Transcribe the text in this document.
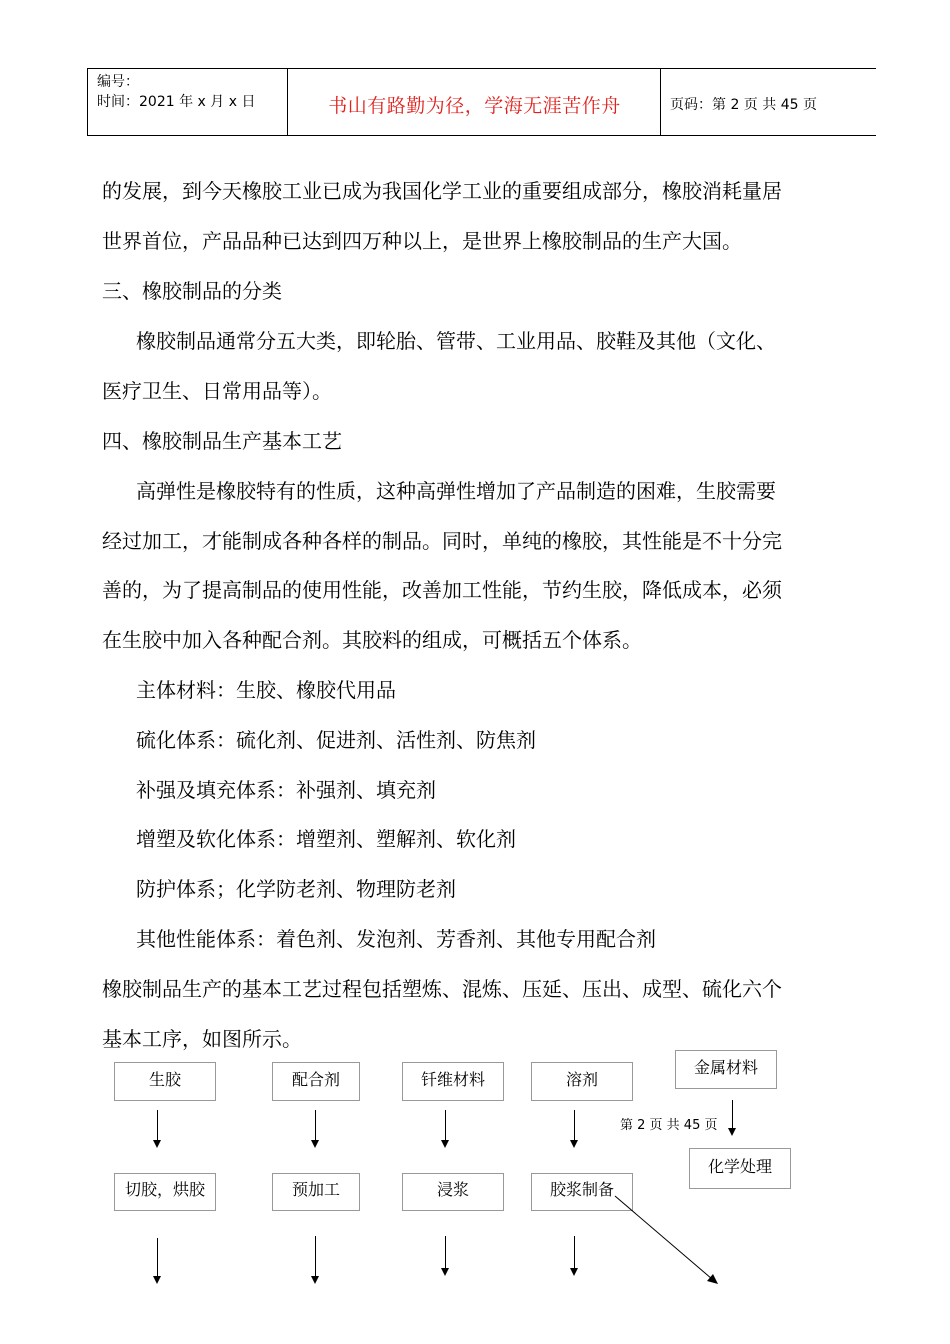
编号：
时间：2021 年 x 月 x 日	书山有路勤为径，学海无涯苦作舟	页码：第 2 页 共 45 页
的发展，到今天橡胶工业已成为我国化学工业的重要组成部分，橡胶消耗量居
世界首位，产品品种已达到四万种以上，是世界上橡胶制品的生产大国。
三、橡胶制品的分类
橡胶制品通常分五大类，即轮胎、管带、工业用品、胶鞋及其他（文化、
医疗卫生、日常用品等）。
四、橡胶制品生产基本工艺
高弹性是橡胶特有的性质，这种高弹性增加了产品制造的困难，生胶需要
经过加工，才能制成各种各样的制品。同时，单纯的橡胶，其性能是不十分完
善的，为了提高制品的使用性能，改善加工性能，节约生胶，降低成本，必须
在生胶中加入各种配合剂。其胶料的组成，可概括五个体系。
主体材料：生胶、橡胶代用品
硫化体系：硫化剂、促进剂、活性剂、防焦剂
补强及填充体系：补强剂、填充剂
增塑及软化体系：增塑剂、塑解剂、软化剂
防护体系；化学防老剂、物理防老剂
其他性能体系：着色剂、发泡剂、芳香剂、其他专用配合剂
橡胶制品生产的基本工艺过程包括塑炼、混炼、压延、压出、成型、硫化六个
基本工序，如图所示。
生胶	配合剂	钎维材料	溶剂
金属材料
第 2 页 共 45 页
切胶，烘胶	预加工	浸浆	胶浆制备
化学处理
